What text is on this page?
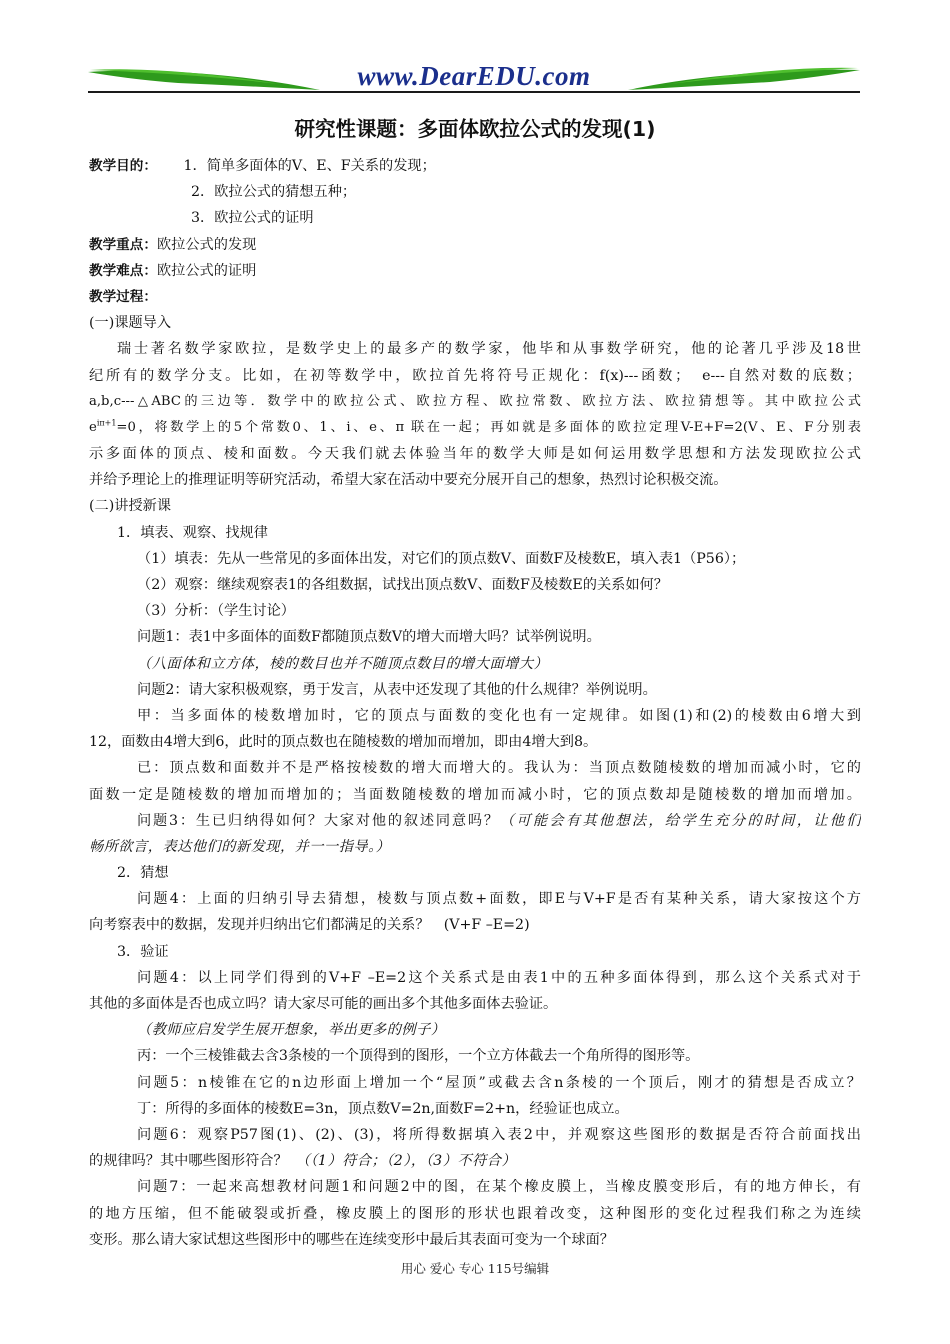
www.DearEDU.com
研究性课题：多面体欧拉公式的发现(1)
教学目的： 1．简单多面体的V、E、F关系的发现；
2．欧拉公式的猜想五种；
3．欧拉公式的证明
教学重点：欧拉公式的发现
教学难点：欧拉公式的证明
教学过程：
(一)课题导入
瑞士著名数学家欧拉，是数学史上的最多产的数学家，他毕和从事数学研究，他的论著几乎涉及18世
纪所有的数学分支。比如，在初等数学中，欧拉首先将符号正规化：f(x)---函数；　e---自然对数的底数；
a,b,c---△ABC的三边等．数学中的欧拉公式、欧拉方程、欧拉常数、欧拉方法、欧拉猜想等。其中欧拉公式
$e^{i\pi+1}=0$，将数学上的5个常数0、1、i、e、π 联在一起；再如就是多面体的欧拉定理V-E+F=2(V、E、F分别表
示多面体的顶点、棱和面数。今天我们就去体验当年的数学大师是如何运用数学思想和方法发现欧拉公式
并给予理论上的推理证明等研究活动，希望大家在活动中要充分展开自己的想象，热烈讨论积极交流。
(二)讲授新课
1．填表、观察、找规律
（1）填表：先从一些常见的多面体出发，对它们的顶点数V、面数F及棱数E，填入表1（P56）；
（2）观察：继续观察表1的各组数据，试找出顶点数V、面数F及棱数E的关系如何？
（3）分析：（学生讨论）
问题1：表1中多面体的面数F都随顶点数V的增大而增大吗？试举例说明。
（八面体和立方体，棱的数目也并不随顶点数目的增大面增大）
问题2：请大家积极观察，勇于发言，从表中还发现了其他的什么规律？举例说明。
甲：当多面体的棱数增加时，它的顶点与面数的变化也有一定规律。如图(1)和(2)的棱数由6增大到
12，面数由4增大到6，此时的顶点数也在随棱数的增加而增加，即由4增大到8。
已：顶点数和面数并不是严格按棱数的增大而增大的。我认为：当顶点数随棱数的增加而减小时，它的
面数一定是随棱数的增加而增加的；当面数随棱数的增加而减小时，它的顶点数却是随棱数的增加而增加。
问题3：生已归纳得如何？大家对他的叙述同意吗？（可能会有其他想法，给学生充分的时间，让他们
畅所欲言，表达他们的新发现，并一一指导。）
2．猜想
问题4：上面的归纳引导去猜想，棱数与顶点数+面数，即E与V+F是否有某种关系，请大家按这个方
向考察表中的数据，发现并归纳出它们都满足的关系？　(V+F –E=2)
3．验证
问题4：以上同学们得到的V+F –E=2这个关系式是由表1中的五种多面体得到，那么这个关系式对于
其他的多面体是否也成立吗？请大家尽可能的画出多个其他多面体去验证。
（教师应启发学生展开想象，举出更多的例子）
丙：一个三棱锥截去含3条棱的一个顶得到的图形，一个立方体截去一个角所得的图形等。
问题5：n棱锥在它的n边形面上增加一个“屋顶”或截去含n条棱的一个顶后，刚才的猜想是否成立？
丁：所得的多面体的棱数E=3n，顶点数V=2n,面数F=2+n，经验证也成立。
问题6：观察P57图(1)、(2)、(3)，将所得数据填入表2中，并观察这些图形的数据是否符合前面找出
的规律吗？其中哪些图形符合？ （（1）符合；（2），（3）不符合）
问题7：一起来高想教材问题1和问题2中的图，在某个橡皮膜上，当橡皮膜变形后，有的地方伸长，有
的地方压缩，但不能破裂或折叠，橡皮膜上的图形的形状也跟着改变，这种图形的变化过程我们称之为连续
变形。那么请大家试想这些图形中的哪些在连续变形中最后其表面可变为一个球面？
用心 爱心 专心 115号编辑
